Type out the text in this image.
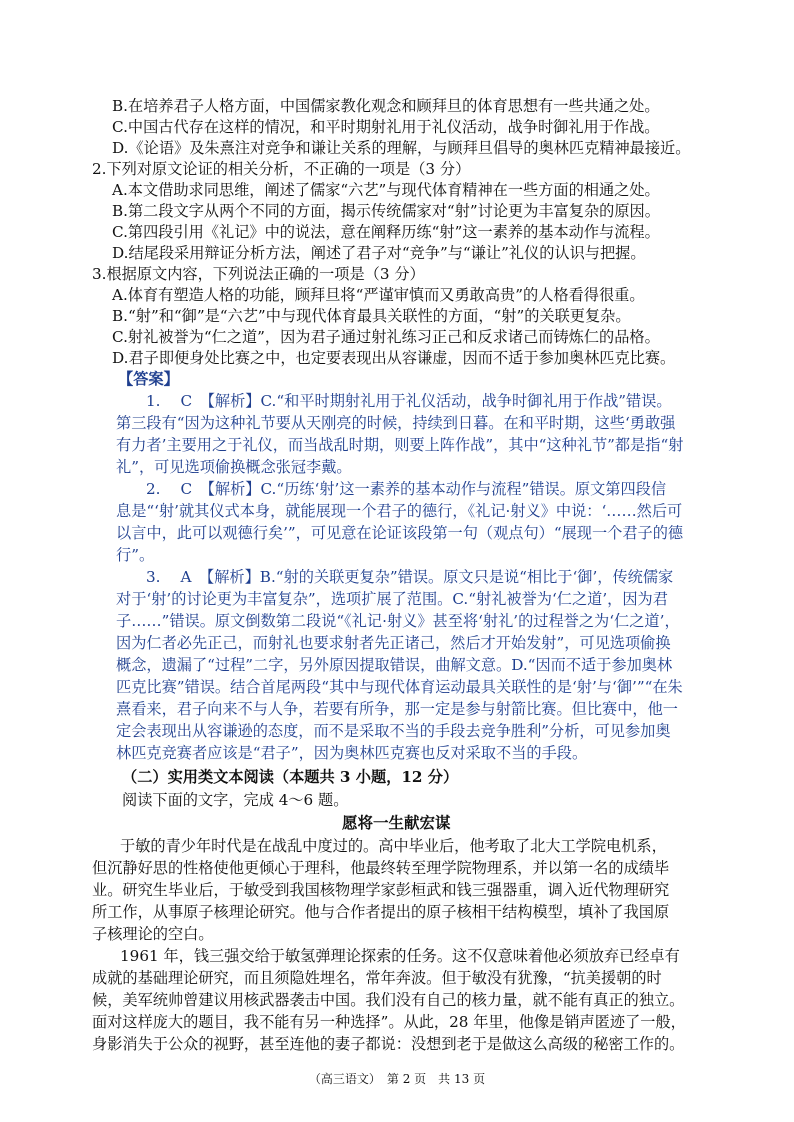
B.在培养君子人格方面，中国儒家教化观念和顾拜旦的体育思想有一些共通之处。
C.中国古代存在这样的情况，和平时期射礼用于礼仪活动，战争时御礼用于作战。
D.《论语》及朱熹注对竞争和谦让关系的理解，与顾拜旦倡导的奥林匹克精神最接近。
2.下列对原文论证的相关分析，不正确的一项是（3 分）
A.本文借助求同思维，阐述了儒家“六艺”与现代体育精神在一些方面的相通之处。
B.第二段文字从两个不同的方面，揭示传统儒家对“射”讨论更为丰富复杂的原因。
C.第四段引用《礼记》中的说法，意在阐释历练“射”这一素养的基本动作与流程。
D.结尾段采用辩证分析方法，阐述了君子对“竞争”与“谦让”礼仪的认识与把握。
3.根据原文内容，下列说法正确的一项是（3 分）
A.体育有塑造人格的功能，顾拜旦将“严谨审慎而又勇敢高贵”的人格看得很重。
B.“射”和“御”是“六艺”中与现代体育最具关联性的方面，“射”的关联更复杂。
C.射礼被誉为“仁之道”，因为君子通过射礼练习正己和反求诸己而铸炼仁的品格。
D.君子即便身处比赛之中，也定要表现出从容谦虚，因而不适于参加奥林匹克比赛。
【答案】
1.　 C　【解析】C.“和平时期射礼用于礼仪活动，战争时御礼用于作战”错误。
第三段有“因为这种礼节要从天刚亮的时候，持续到日暮。在和平时期，这些‘勇敢强
有力者’主要用之于礼仪，而当战乱时期，则要上阵作战”，其中“这种礼节”都是指“射
礼”，可见选项偷换概念张冠李戴。
2.　 C　【解析】C.“历练‘射’这一素养的基本动作与流程”错误。原文第四段信
息是“‘射’就其仪式本身，就能展现一个君子的德行，《礼记·射义》中说：‘……然后可
以言中，此可以观德行矣’”，可见意在论证该段第一句（观点句）“展现一个君子的德
行”。
3.　 A　【解析】B.“射的关联更复杂”错误。原文只是说“相比于‘御’，传统儒家
对于‘射’的讨论更为丰富复杂”，选项扩展了范围。C.“射礼被誉为‘仁之道’，因为君
子……”错误。原文倒数第二段说“《礼记·射义》甚至将‘射礼’的过程誉之为‘仁之道’，
因为仁者必先正己，而射礼也要求射者先正诸己，然后才开始发射”，可见选项偷换
概念，遗漏了“过程”二字，另外原因提取错误，曲解文意。D.“因而不适于参加奥林
匹克比赛”错误。结合首尾两段“其中与现代体育运动最具关联性的是‘射’与‘御’”“在朱
熹看来，君子向来不与人争，若要有所争，那一定是参与射箭比赛。但比赛中，他一
定会表现出从容谦逊的态度，而不是采取不当的手段去竞争胜利”分析，可见参加奥
林匹克竞赛者应该是“君子”，因为奥林匹克赛也反对采取不当的手段。
（二）实用类文本阅读（本题共 3 小题，12 分）
阅读下面的文字，完成 4～6 题。
愿将一生献宏谋
于敏的青少年时代是在战乱中度过的。高中毕业后，他考取了北大工学院电机系，
但沉静好思的性格使他更倾心于理科，他最终转至理学院物理系，并以第一名的成绩毕
业。研究生毕业后，于敏受到我国核物理学家彭桓武和钱三强器重，调入近代物理研究
所工作，从事原子核理论研究。他与合作者提出的原子核相干结构模型，填补了我国原
子核理论的空白。
1961 年，钱三强交给于敏氢弹理论探索的任务。这不仅意味着他必须放弃已经卓有
成就的基础理论研究，而且须隐姓埋名，常年奔波。但于敏没有犹豫，“抗美援朝的时
候，美军统帅曾建议用核武器袭击中国。我们没有自己的核力量，就不能有真正的独立。
面对这样庞大的题目，我不能有另一种选择”。从此，28 年里，他像是销声匿迹了一般，
身影消失于公众的视野，甚至连他的妻子都说：没想到老于是做这么高级的秘密工作的。
（高三语文）　第 2 页　共 13 页
